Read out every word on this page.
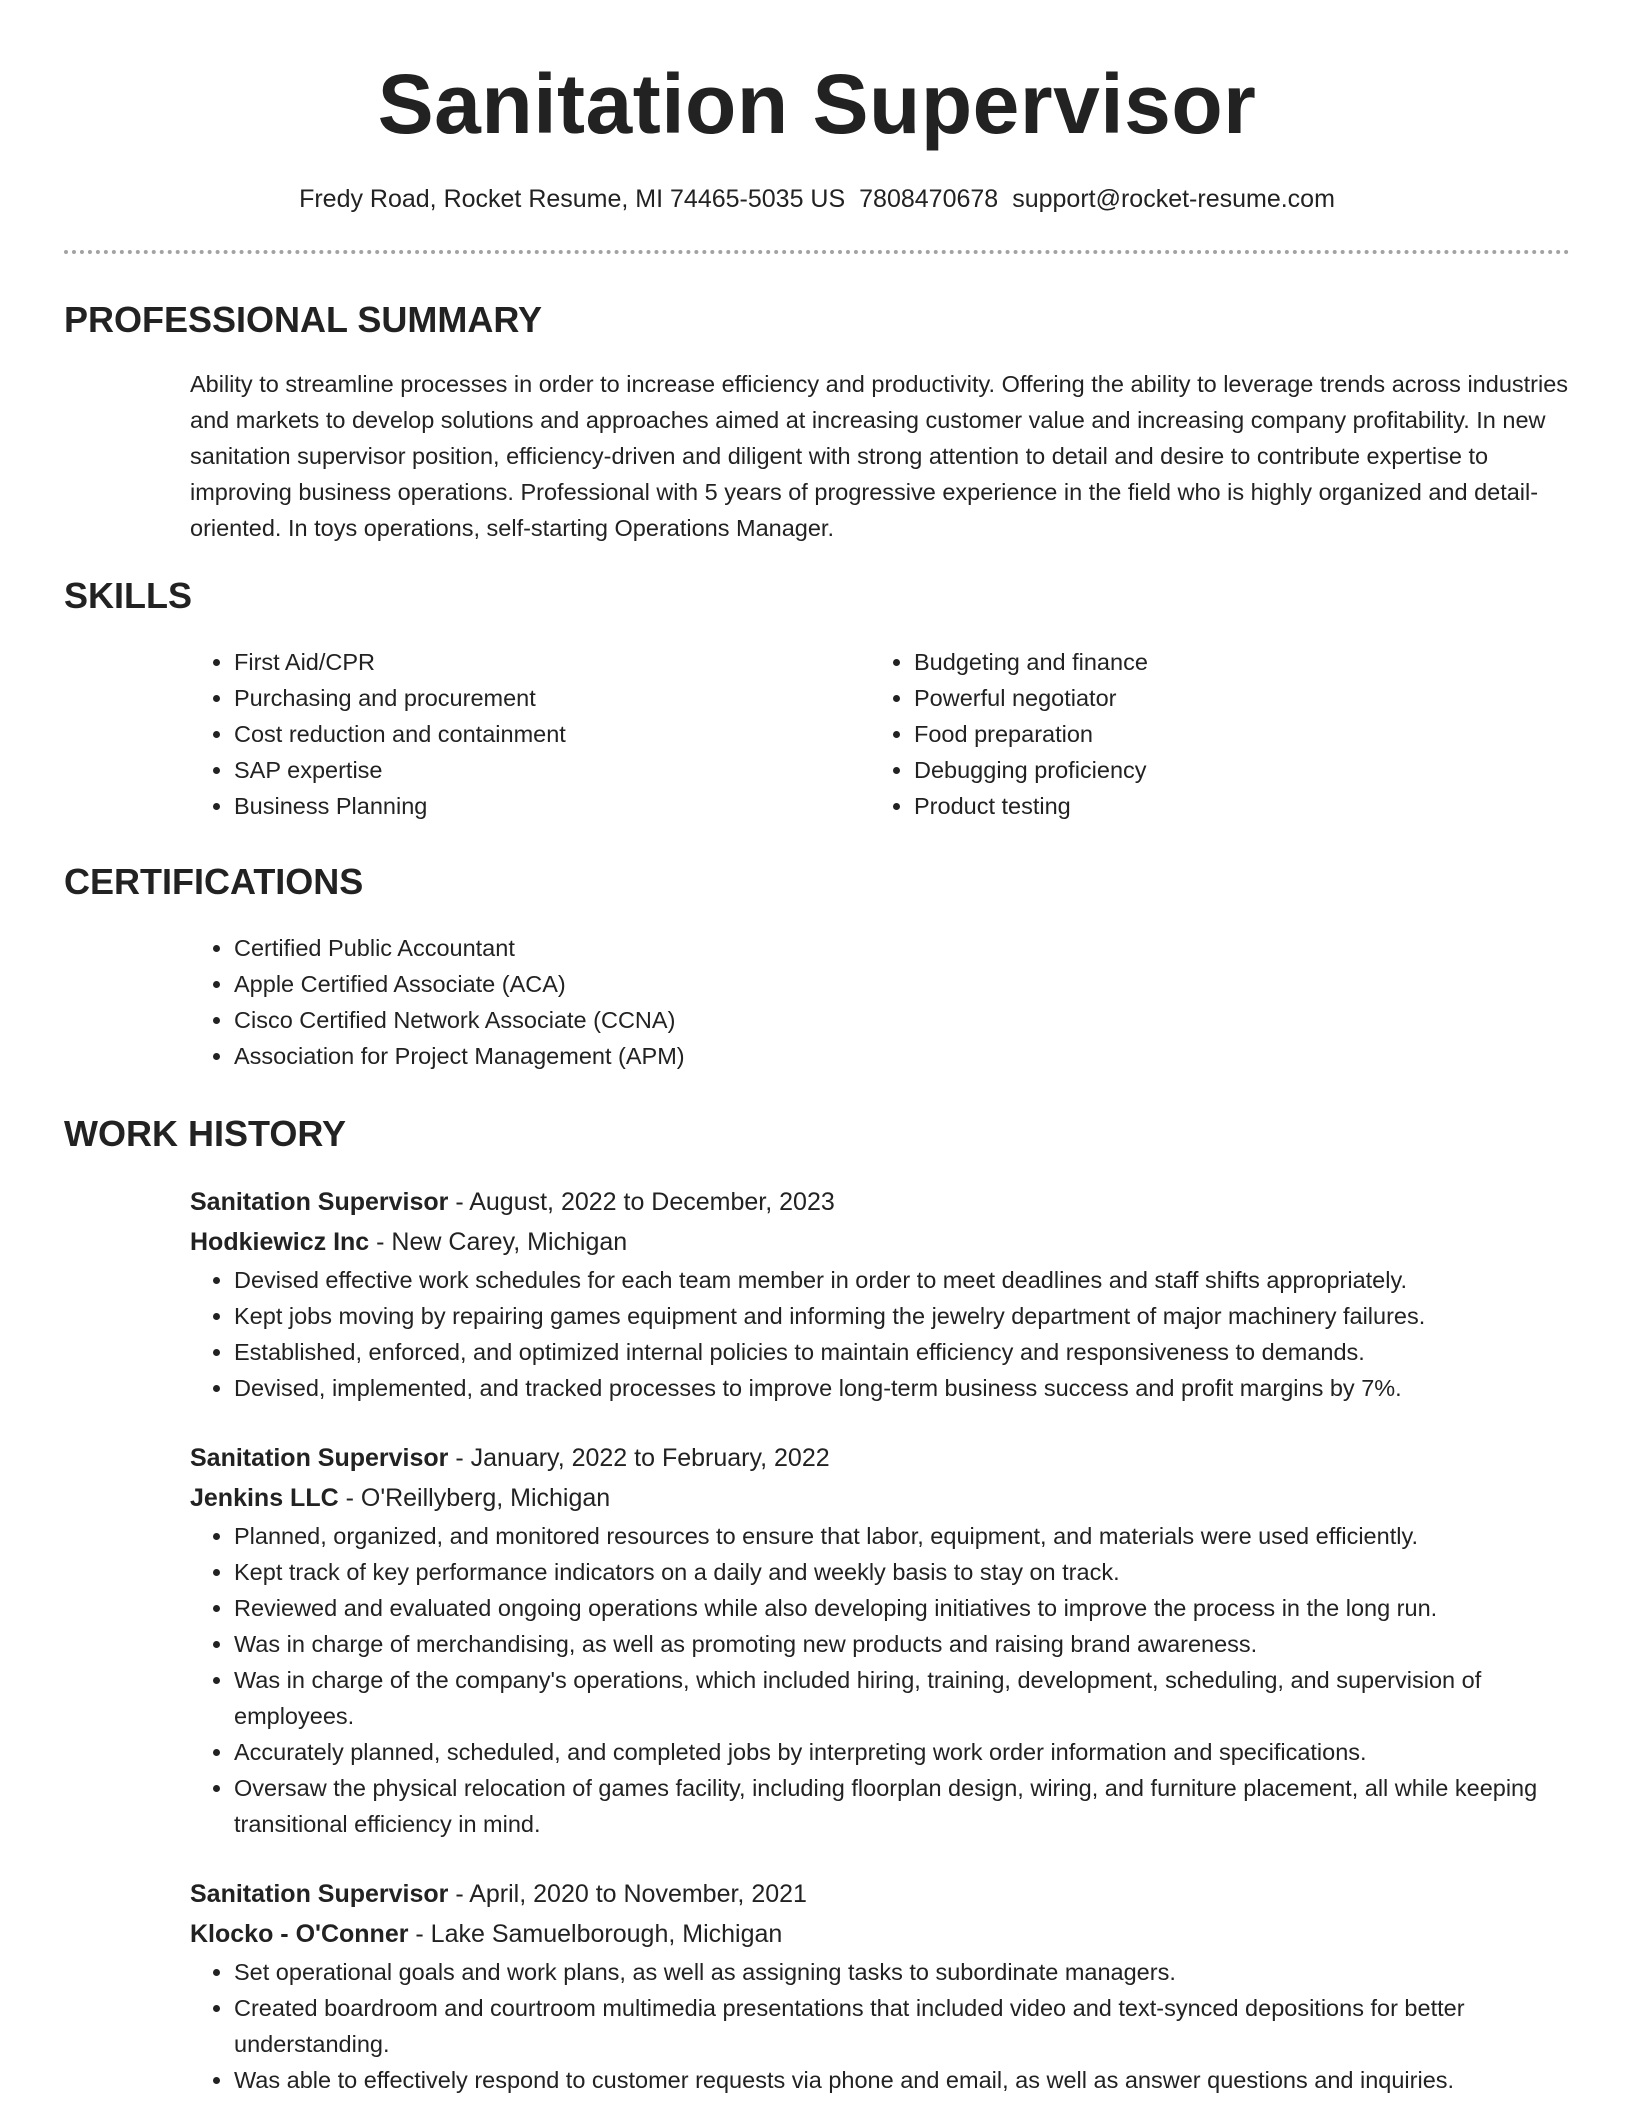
Sanitation Supervisor
Fredy Road, Rocket Resume, MI 74465-5035 US 7808470678 support@rocket-resume.com
PROFESSIONAL SUMMARY

Ability to streamline processes in order to increase efficiency and productivity. Offering the ability to leverage trends across industries and markets to develop solutions and approaches aimed at increasing customer value and increasing company profitability. In new sanitation supervisor position, efficiency-driven and diligent with strong attention to detail and desire to contribute expertise to improving business operations. Professional with 5 years of progressive experience in the field who is highly organized and detail-oriented. In toys operations, self-starting Operations Manager.

SKILLS
• First Aid/CPR
• Purchasing and procurement
• Cost reduction and containment
• SAP expertise
• Business Planning
• Budgeting and finance
• Powerful negotiator
• Food preparation
• Debugging proficiency
• Product testing
CERTIFICATIONS
• Certified Public Accountant
• Apple Certified Associate (ACA)
• Cisco Certified Network Associate (CCNA)
• Association for Project Management (APM)
WORK HISTORY
Sanitation Supervisor - August, 2022 to December, 2023
Hodkiewicz Inc - New Carey, Michigan
• Devised effective work schedules for each team member in order to meet deadlines and staff shifts appropriately.
• Kept jobs moving by repairing games equipment and informing the jewelry department of major machinery failures.
• Established, enforced, and optimized internal policies to maintain efficiency and responsiveness to demands.
• Devised, implemented, and tracked processes to improve long-term business success and profit margins by 7%.
Sanitation Supervisor - January, 2022 to February, 2022
Jenkins LLC - O'Reillyberg, Michigan
• Planned, organized, and monitored resources to ensure that labor, equipment, and materials were used efficiently.
• Kept track of key performance indicators on a daily and weekly basis to stay on track.
• Reviewed and evaluated ongoing operations while also developing initiatives to improve the process in the long run.
• Was in charge of merchandising, as well as promoting new products and raising brand awareness.
• Was in charge of the company's operations, which included hiring, training, development, scheduling, and supervision of employees.
• Accurately planned, scheduled, and completed jobs by interpreting work order information and specifications.
• Oversaw the physical relocation of games facility, including floorplan design, wiring, and furniture placement, all while keeping transitional efficiency in mind.
Sanitation Supervisor - April, 2020 to November, 2021
Klocko - O'Conner - Lake Samuelborough, Michigan
• Set operational goals and work plans, as well as assigning tasks to subordinate managers.
• Created boardroom and courtroom multimedia presentations that included video and text-synced depositions for better understanding.
• Was able to effectively respond to customer requests via phone and email, as well as answer questions and inquiries.
